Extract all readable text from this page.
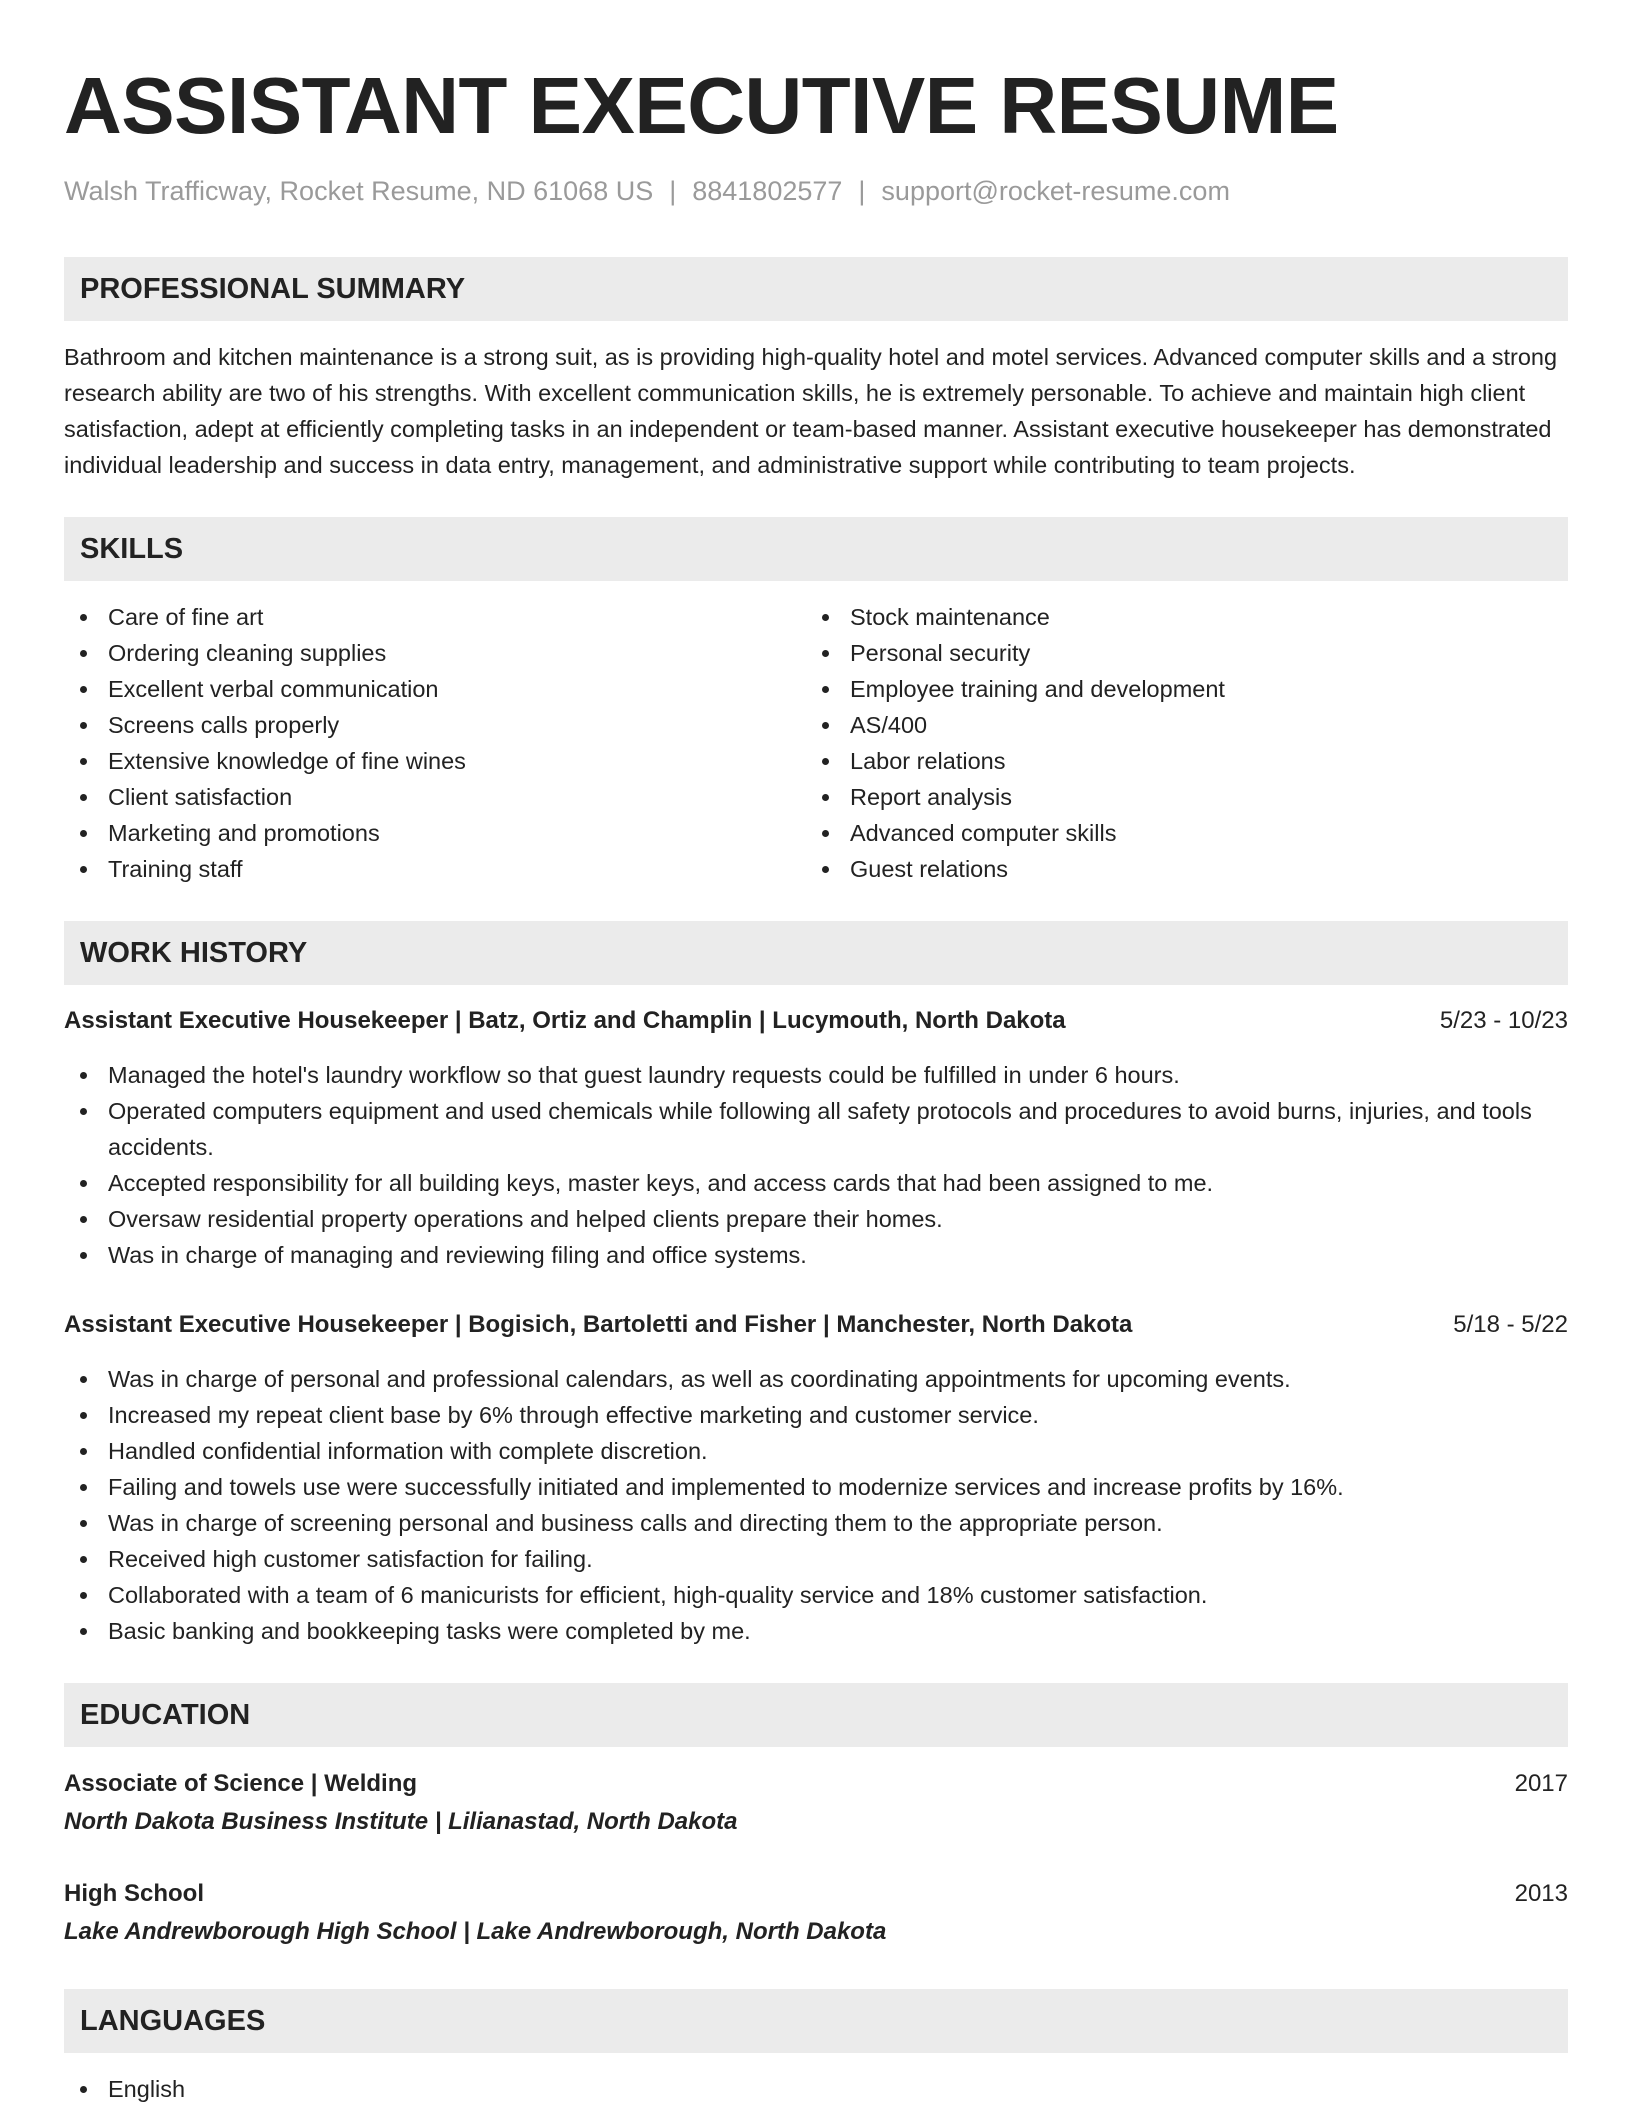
ASSISTANT EXECUTIVE RESUME
Walsh Trafficway, Rocket Resume, ND 61068 US | 8841802577 | support@rocket-resume.com
PROFESSIONAL SUMMARY

Bathroom and kitchen maintenance is a strong suit, as is providing high-quality hotel and motel services. Advanced computer skills and a strong research ability are two of his strengths. With excellent communication skills, he is extremely personable. To achieve and maintain high client satisfaction, adept at efficiently completing tasks in an independent or team-based manner. Assistant executive housekeeper has demonstrated individual leadership and success in data entry, management, and administrative support while contributing to team projects.

SKILLS
Care of fine art
Ordering cleaning supplies
Excellent verbal communication
Screens calls properly
Extensive knowledge of fine wines
Client satisfaction
Marketing and promotions
Training staff
Stock maintenance
Personal security
Employee training and development
AS/400
Labor relations
Report analysis
Advanced computer skills
Guest relations
WORK HISTORY
Assistant Executive Housekeeper | Batz, Ortiz and Champlin | Lucymouth, North Dakota	5/23 - 10/23
Managed the hotel's laundry workflow so that guest laundry requests could be fulfilled in under 6 hours.
Operated computers equipment and used chemicals while following all safety protocols and procedures to avoid burns, injuries, and tools accidents.
Accepted responsibility for all building keys, master keys, and access cards that had been assigned to me.
Oversaw residential property operations and helped clients prepare their homes.
Was in charge of managing and reviewing filing and office systems.
Assistant Executive Housekeeper | Bogisich, Bartoletti and Fisher | Manchester, North Dakota	5/18 - 5/22
Was in charge of personal and professional calendars, as well as coordinating appointments for upcoming events.
Increased my repeat client base by 6% through effective marketing and customer service.
Handled confidential information with complete discretion.
Failing and towels use were successfully initiated and implemented to modernize services and increase profits by 16%.
Was in charge of screening personal and business calls and directing them to the appropriate person.
Received high customer satisfaction for failing.
Collaborated with a team of 6 manicurists for efficient, high-quality service and 18% customer satisfaction.
Basic banking and bookkeeping tasks were completed by me.
EDUCATION
Associate of Science | Welding	2017
North Dakota Business Institute | Lilianastad, North Dakota
High School	2013
Lake Andrewborough High School | Lake Andrewborough, North Dakota
LANGUAGES
English
